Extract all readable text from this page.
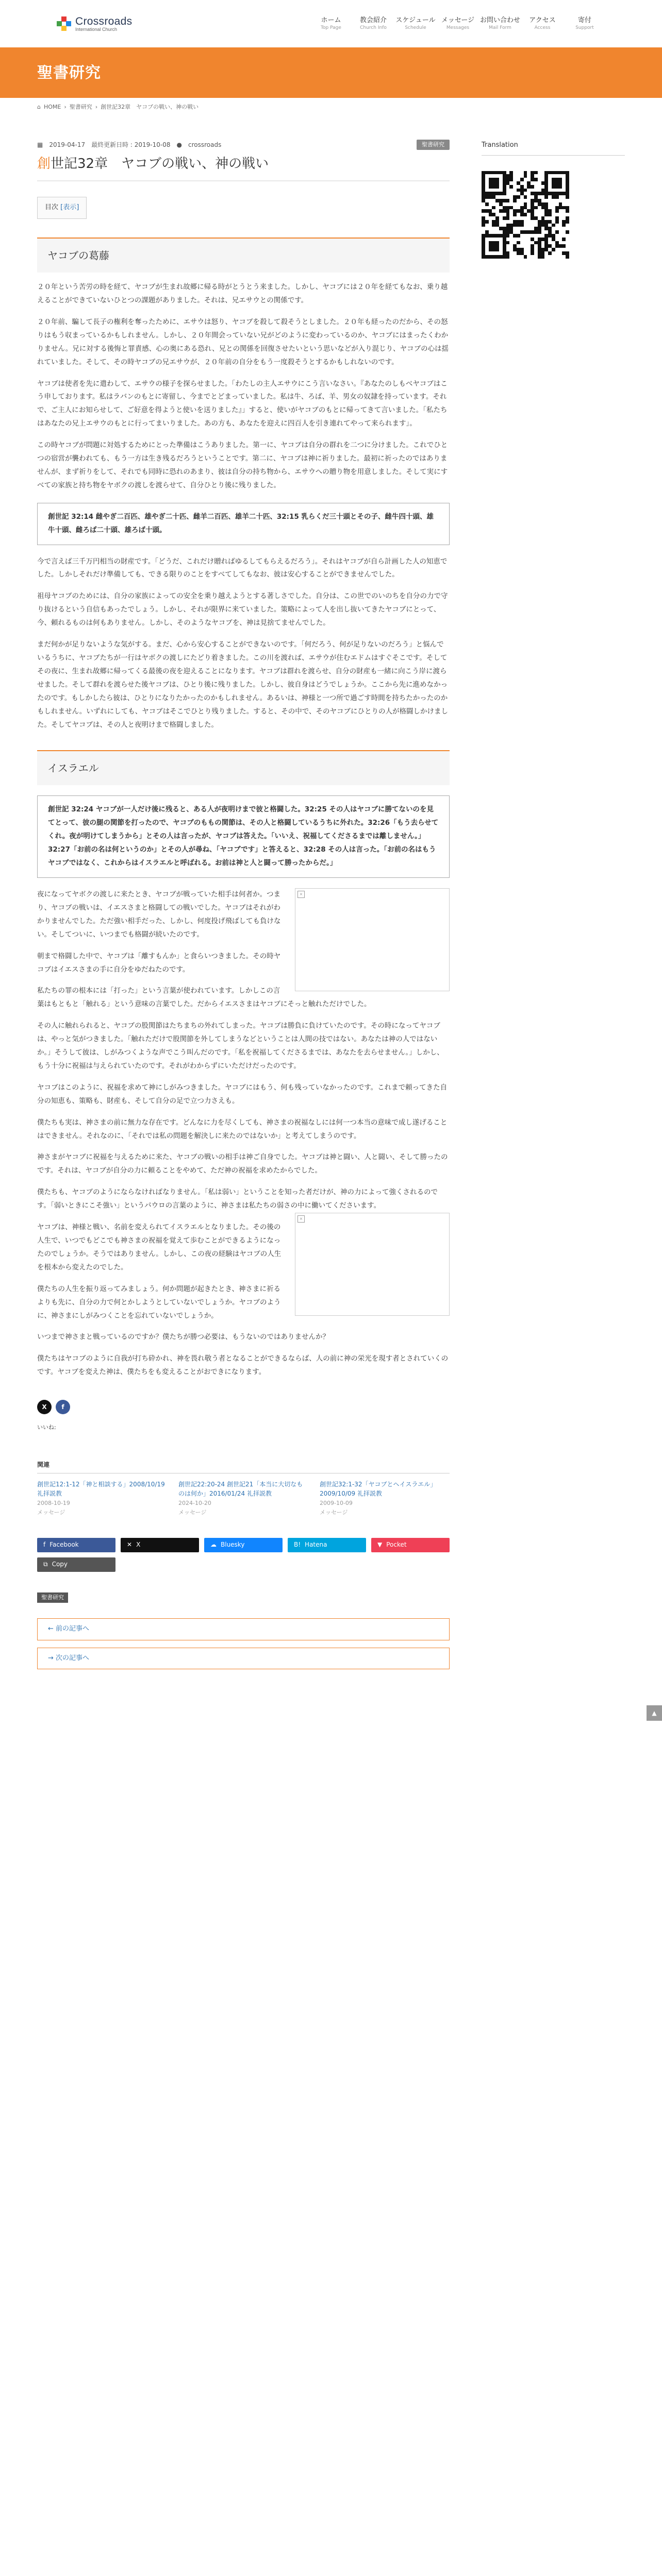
Crossroads
International Church
ホーム
Top Page
教会紹介
Church Info
スケジュール
Schedule
メッセージ
Messages
お問い合わせ
Mail Form
アクセス
Access
寄付
Support
聖書研究
⌂ HOME › 聖書研究 › 創世記32章　ヤコブの戦い、神の戦い
▦ 2019-04-17 最終更新日時 : 2019-10-08 ● crossroads	聖書研究
創世記32章　ヤコブの戦い、神の戦い
目次 [表示]
ヤコブの葛藤

２０年という苦労の時を経て、ヤコブが生まれ故郷に帰る時がとうとう来ました。しかし、ヤコブには２０年を経てもなお、乗り越えることができていないひとつの課題がありました。それは、兄エサウとの関係です。

２０年前、騙して長子の権利を奪ったために、エサウは怒り、ヤコブを殺して殺そうとしました。２０年も経ったのだから、その怒りはもう収まっているかもしれません。しかし、２０年間会っていない兄がどのように変わっているのか、ヤコブにはまったくわかりません。兄に対する後悔と罪責感、心の奥にある恐れ、兄との関係を回復させたいという思いなどが入り混じり、ヤコブの心は揺れていました。そして、その時ヤコブの兄エサウが、２０年前の自分をもう一度殺そうとするかもしれないのです。

ヤコブは使者を先に遣わして、エサウの様子を探らせました。「わたしの主人エサウにこう言いなさい。『あなたのしもべヤコブはこう申しております。私はラバンのもとに寄留し、今までとどまっていました。私は牛、ろば、羊、男女の奴隷を持っています。それで、ご主人にお知らせして、ご好意を得ようと使いを送りました』」すると、使いがヤコブのもとに帰ってきて言いました。「私たちはあなたの兄上エサウのもとに行ってまいりました。あの方も、あなたを迎えに四百人を引き連れてやって来られます」。

この時ヤコブが問題に対処するためにとった準備はこうありました。第一に、ヤコブは自分の群れを二つに分けました。これでひとつの宿営が襲われても、もう一方は生き残るだろうということです。第二に、ヤコブは神に祈りました。最初に祈ったのではありませんが、まず祈りをして、それでも同時に恐れのあまり、彼は自分の持ち物から、エサウへの贈り物を用意しました。そして実にすべての家族と持ち物をヤボクの渡しを渡らせて、自分ひとり後に残りました。

創世記 32:14 雌やぎ二百匹、雄やぎ二十匹、雌羊二百匹、雄羊二十匹、32:15 乳らくだ三十頭とその子、雌牛四十頭、雄牛十頭、雌ろば二十頭、雄ろば十頭。

今で言えば三千万円相当の財産です。「どうだ、これだけ贈ればゆるしてもらえるだろう」。それはヤコブが自ら計画した人の知恵でした。しかしそれだけ準備しても、できる限りのことをすべてしてもなお、彼は安心することができませんでした。

祖母ヤコブのためには、自分の家族によっての安全を乗り越えようとする著しさでした。自分は、この世でのいのちを自分の力で守り抜けるという自信もあったでしょう。しかし、それが限界に来ていました。策略によって人を出し抜いてきたヤコブにとって、今、頼れるものは何もありません。しかし、そのようなヤコブを、神は見捨てませんでした。

まだ何かが足りないような気がする。まだ、心から安心することができないのです。「何だろう、何が足りないのだろう」と悩んでいるうちに、ヤコブたちが一行はヤボクの渡しにたどり着きました。この川を渡れば、エサウが住むエドムはすぐそこです。そしてその夜に、生まれ故郷に帰ってくる最後の夜を迎えることになります。ヤコブは群れを渡らせ、自分の財産も一緒に向こう岸に渡らせました。そして群れを渡らせた後ヤコブは、ひとり後に残りました。しかし、彼自身はどうでしょうか。ここから先に進めなかったのです。もしかしたら彼は、ひとりになりたかったのかもしれません。あるいは、神様と一つ所で過ごす時間を持ちたかったのかもしれません。いずれにしても、ヤコブはそこでひとり残りました。すると、その中で、そのヤコブにひとりの人が格闘しかけました。そしてヤコブは、その人と夜明けまで格闘しました。

イスラエル

創世記 32:24 ヤコブが一人だけ後に残ると、ある人が夜明けまで彼と格闘した。32:25 その人はヤコブに勝てないのを見てとって、彼の腿の関節を打ったので、ヤコブのももの関節は、その人と格闘しているうちに外れた。32:26「もう去らせてくれ。夜が明けてしまうから」とその人は言ったが、ヤコブは答えた。「いいえ、祝福してくださるまでは離しません。」32:27「お前の名は何というのか」とその人が尋ね、「ヤコブです」と答えると、32:28 その人は言った。「お前の名はもうヤコブではなく、これからはイスラエルと呼ばれる。お前は神と人と闘って勝ったからだ。」

×

夜になってヤボクの渡しに来たとき、ヤコブが戦っていた相手は何者か。つまり、ヤコブの戦いは、イエスさまと格闘しての戦いでした。ヤコブはそれがわかりませんでした。ただ強い相手だった、しかし、何度投げ飛ばしても負けない。そしてついに、いつまでも格闘が続いたのです。

朝まで格闘した中で、ヤコブは「離すもんか」と食らいつきました。その時ヤコブはイエスさまの手に自分をゆだねたのです。

私たちの罪の根本には「打った」という言葉が使われています。しかしこの言葉はもともと「触れる」という意味の言葉でした。だからイエスさまはヤコブにそっと触れただけでした。

その人に触れられると、ヤコブの股関節はたちまちの外れてしまった。ヤコブは勝負に負けていたのです。その時になってヤコブは、やっと気がつきました。「触れただけで股関節を外してしまうなどということは人間の技ではない。あなたは神の人ではないか。」そうして彼は、しがみつくような声でこう叫んだのです。「私を祝福してくださるまでは、あなたを去らせません。」しかし、もう十分に祝福は与えられていたのです。それがわからずにいただけだったのです。

ヤコブはこのように、祝福を求めて神にしがみつきました。ヤコブにはもう、何も残っていなかったのです。これまで頼ってきた自分の知恵も、策略も、財産も、そして自分の足で立つ力さえも。

僕たちも実は、神さまの前に無力な存在です。どんなに力を尽くしても、神さまの祝福なしには何一つ本当の意味で成し遂げることはできません。それなのに、「それでは私の問題を解決しに来たのではないか」と考えてしまうのです。

神さまがヤコブに祝福を与えるために来た、ヤコブの戦いの相手は神ご自身でした。ヤコブは神と闘い、人と闘い、そして勝ったのです。それは、ヤコブが自分の力に頼ることをやめて、ただ神の祝福を求めたからでした。

僕たちも、ヤコブのようにならなければなりません。「私は弱い」ということを知った者だけが、神の力によって強くされるのです。「弱いときにこそ強い」というパウロの言葉のように、神さまは私たちの弱さの中に働いてくださいます。

×

ヤコブは、神様と戦い、名前を変えられてイスラエルとなりました。その後の人生で、いつでもどこでも神さまの祝福を覚えて歩むことができるようになったのでしょうか。そうではありません。しかし、この夜の経験はヤコブの人生を根本から変えたのでした。

僕たちの人生を振り返ってみましょう。何か問題が起きたとき、神さまに祈るよりも先に、自分の力で何とかしようとしていないでしょうか。ヤコブのように、神さまにしがみつくことを忘れていないでしょうか。

いつまで神さまと戦っているのですか？僕たちが勝つ必要は、もうないのではありませんか？

僕たちはヤコブのように自我が打ち砕かれ、神を畏れ敬う者となることができるならば、人の前に神の栄光を現す者とされていくのです。ヤコブを変えた神は、僕たちをも変えることがおできになります。

X	f
いいね:
関連
創世記12:1-12「神と相談する」2008/10/19 礼拝説教
2008-10-19
メッセージ
創世記22:20-24 創世記21「本当に大切なものは何か」2016/01/24 礼拝説教
2024-10-20
メッセージ
創世記32:1-32「ヤコブとヘイスラエル」2009/10/09 礼拝説教
2009-10-09
メッセージ
f Facebook	✕ X	☁ Bluesky	B! Hatena	▼ Pocket
⧉ Copy
聖書研究
← 前の記事へ
→ 次の記事へ
Translation
▲
